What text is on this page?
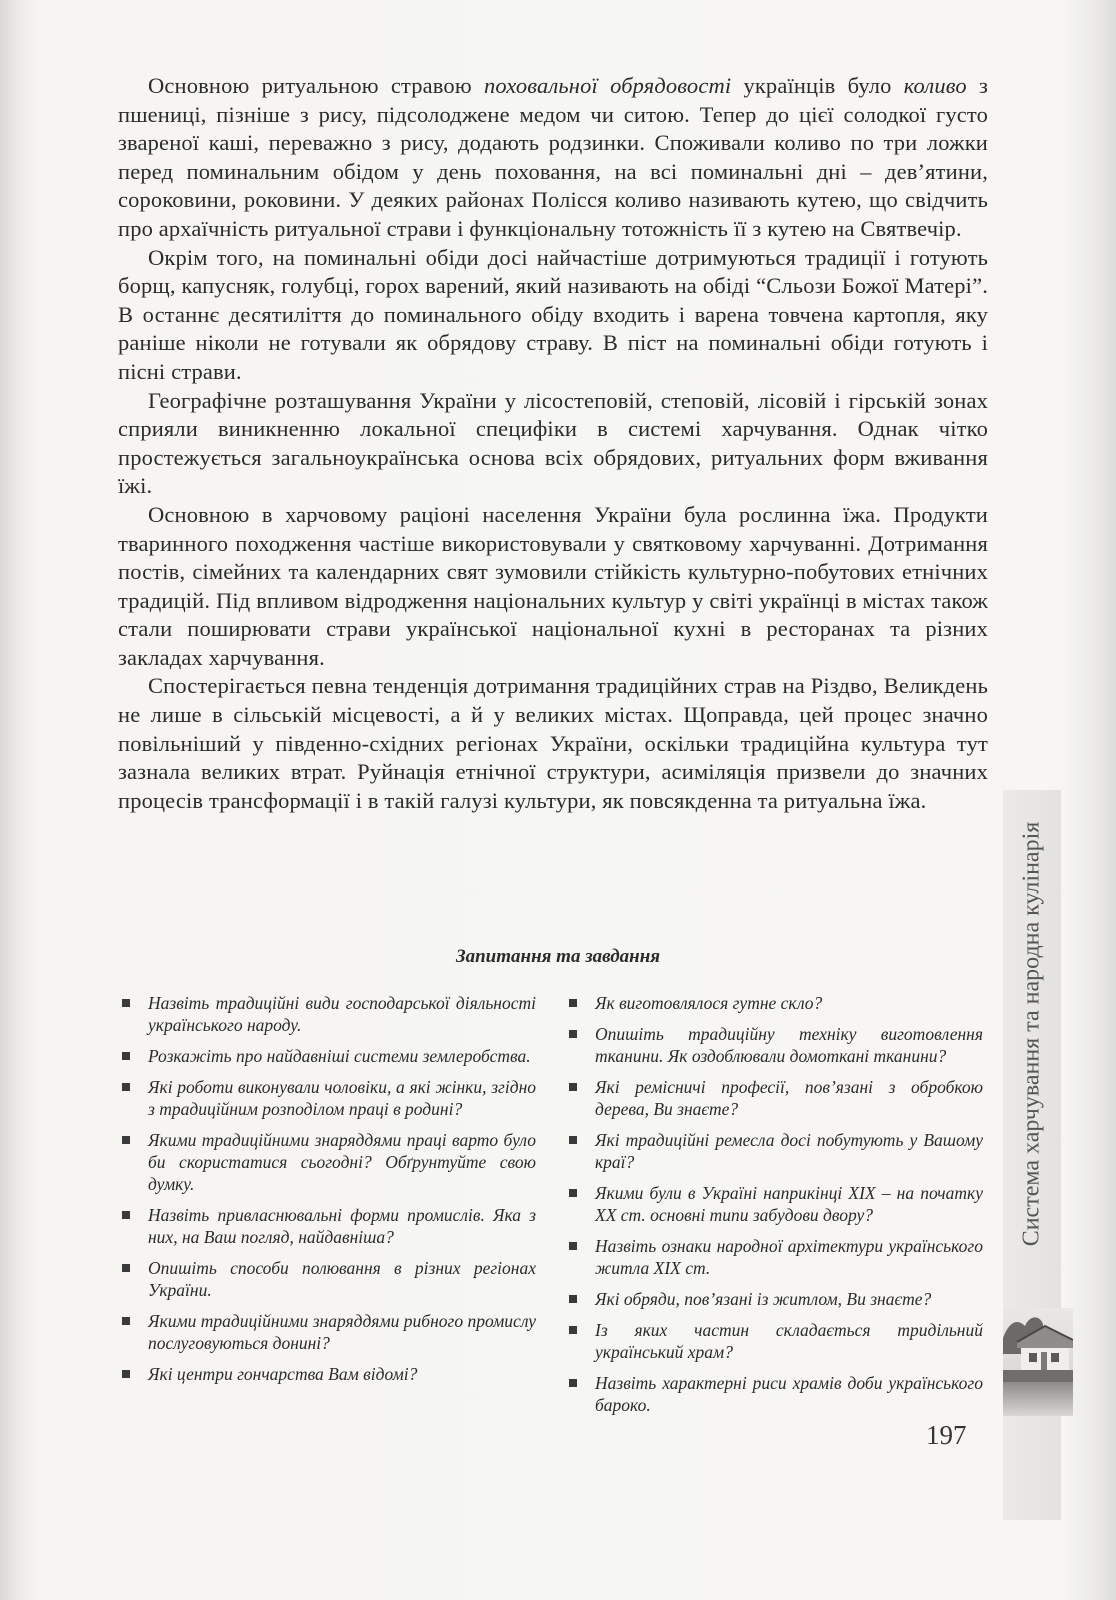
Основною ритуальною стравою поховальної обрядовості українців було коливо з пшениці, пізніше з рису, підсолоджене медом чи ситою. Тепер до цієї солодкої густо звареної каші, переважно з рису, додають родзинки. Споживали коливо по три ложки перед поминальним обідом у день поховання, на всі поминальні дні – дев’ятини, сороковини, роковини. У деяких районах Полісся коливо називають кутею, що свідчить про архаїчність ритуальної страви і функціональну тотожність її з кутею на Святвечір.

Окрім того, на поминальні обіди досі найчастіше дотримуються традиції і готують борщ, капусняк, голубці, горох варений, який називають на обіді “Сльози Божої Матері”. В останнє десятиліття до поминального обіду входить і варена товчена картопля, яку раніше ніколи не готували як обрядову страву. В піст на поминальні обіди готують і пісні страви.

Географічне розташування України у лісостеповій, степовій, лісовій і гірській зонах сприяли виникненню локальної специфіки в системі харчування. Однак чітко простежується загальноукраїнська основа всіх обрядових, ритуальних форм вживання їжі.

Основною в харчовому раціоні населення України була рослинна їжа. Продукти тваринного походження частіше використовували у святковому харчуванні. Дотримання постів, сімейних та календарних свят зумовили стійкість культурно-побутових етнічних традицій. Під впливом відродження національних культур у світі українці в містах також стали поширювати страви української національної кухні в ресторанах та різних закладах харчування.

Спостерігається певна тенденція дотримання традиційних страв на Різдво, Великдень не лише в сільській місцевості, а й у великих містах. Щоправда, цей процес значно повільніший у південно-східних регіонах України, оскільки традиційна культура тут зазнала великих втрат. Руйнація етнічної структури, асиміляція призвели до значних процесів трансформації і в такій галузі культури, як повсякденна та ритуальна їжа.

Запитання та завдання
Назвіть традиційні види господарської діяльності українського народу.
Розкажіть про найдавніші системи землеробства.
Які роботи виконували чоловіки, а які жінки, згідно з традиційним розподілом праці в родині?
Якими традиційними знаряддями праці варто було би скористатися сьогодні? Обґрунтуйте свою думку.
Назвіть привласнювальні форми промислів. Яка з них, на Ваш погляд, найдавніша?
Опишіть способи полювання в різних регіонах України.
Якими традиційними знаряддями рибного промислу послуговуються донині?
Які центри гончарства Вам відомі?
Як виготовлялося гутне скло?
Опишіть традиційну техніку виготовлення тканини. Як оздоблювали домоткані тканини?
Які ремісничі професії, пов’язані з обробкою дерева, Ви знаєте?
Які традиційні ремесла досі побутують у Вашому краї?
Якими були в Україні наприкінці XIX – на початку XX ст. основні типи забудови двору?
Назвіть ознаки народної архітектури українського житла XIX ст.
Які обряди, пов’язані із житлом, Ви знаєте?
Із яких частин складається тридільний український храм?
Назвіть характерні риси храмів доби українського бароко.
Система харчування та народна кулінарія
197
